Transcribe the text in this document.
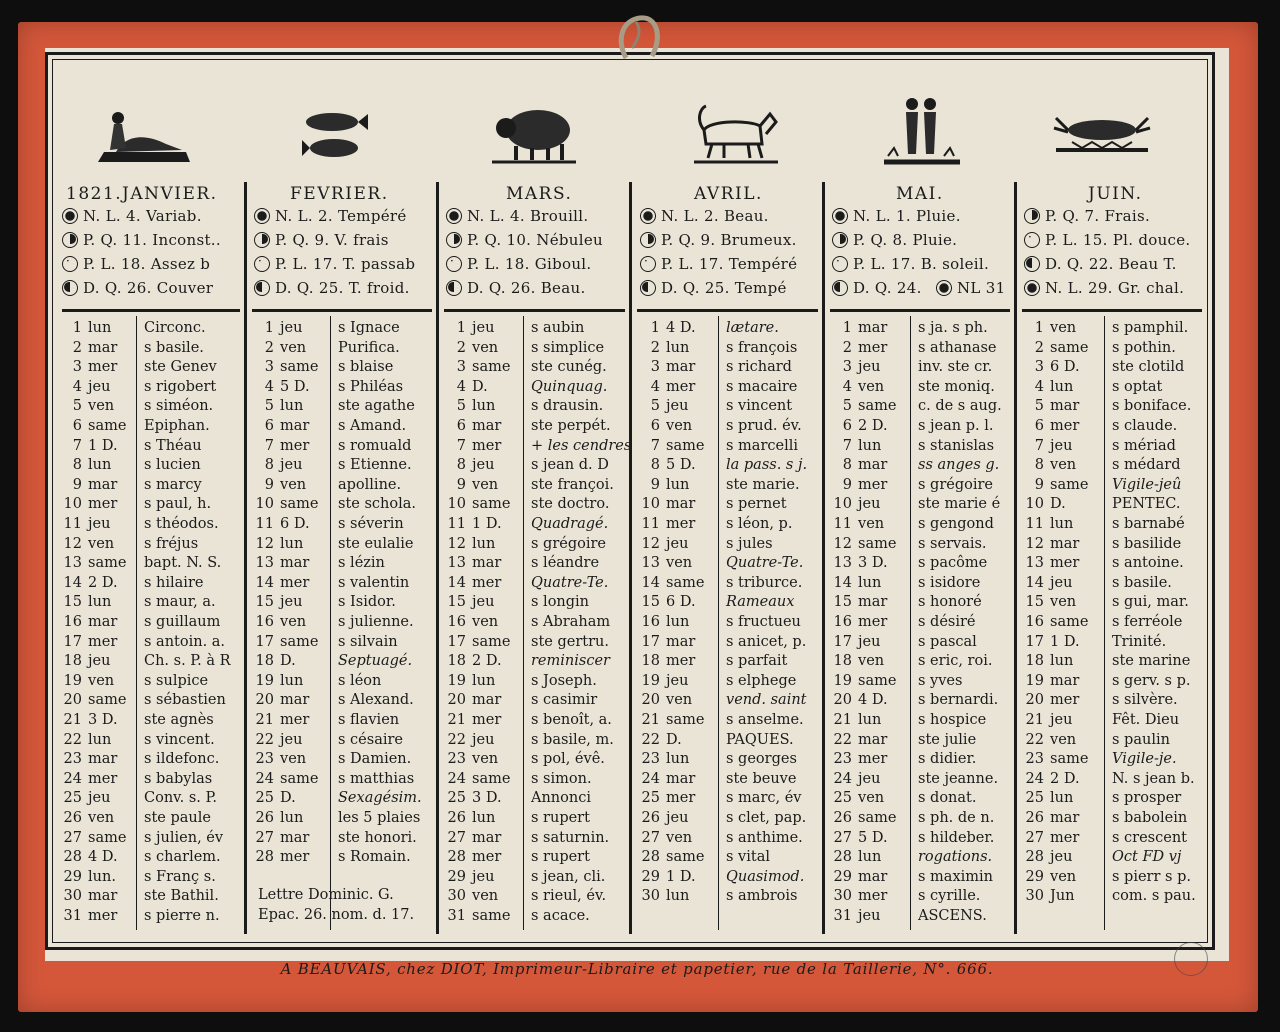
1821. JANVIER.	FEVRIER.	MARS.	AVRIL.	MAI.	JUIN.
N. L. 4. Variab.
P. Q. 11. Inconst..
·P. L. 18. Assez b
D. Q. 26. Couver
1 lun Circonc.
2 mar s basile.
3 mer ste Genev
4 jeu s rigobert
5 ven s siméon.
6 same Epiphan.
7 1 D. s Théau
8 lun s lucien
9 mar s marcy
10 mer s paul, h.
11 jeu s théodos.
12 ven s fréjus
13 same bapt. N. S.
14 2 D. s hilaire
15 lun s maur, a.
16 mar s guillaum
17 mer s antoin. a.
18 jeu Ch. s. P. à R
19 ven s sulpice
20 same s sébastien
21 3 D. ste agnès
22 lun s vincent.
23 mar s ildefonc.
24 mer s babylas
25 jeu Conv. s. P.
26 ven ste paule
27 same s julien, év
28 4 D. s charlem.
29 lun. s Franç s.
30 mar ste Bathil.
31 mer s pierre n.
N. L. 2. Tempéré
P. Q. 9. V. frais
·P. L. 17. T. passab
D. Q. 25. T. froid.
1 jeu s Ignace
2 ven Purifica.
3 same s blaise
4 5 D. s Philéas
5 lun ste agathe
6 mar s Amand.
7 mer s romuald
8 jeu s Etienne.
9 ven apolline.
10 same ste schola.
11 6 D. s séverin
12 lun ste eulalie
13 mar s lézin
14 mer s valentin
15 jeu s Isidor.
16 ven s julienne.
17 same s silvain
18 D.	Septuagé.
19 lun s léon
20 mar s Alexand.
21 mer s flavien
22 jeu s césaire
23 ven s Damien.
24 same s matthias
25 D.	Sexagésim.
26 lun les 5 plaies
27 mar ste honori.
28 mer s Romain.
Lettre Dominic. G.
Epac. 26. nom. d. 17.
N. L. 4. Brouill.
P. Q. 10. Nébuleu
·P. L. 18. Giboul.
D. Q. 26. Beau.
1 jeu	s aubin
2 ven s simplice
3 same ste cunég.
4 D.	Quinquag.
5 lun s drausin.
6 mar ste perpét.
7 mer + les cendres
8 jeu	s jean d. D
9 ven ste françoi.
10 same ste doctro.
11 1 D. Quadragé.
12 lun s grégoire
13 mar s léandre
14 mer Quatre-Te.
15 jeu	s longin
16 ven s Abraham
17 same ste gertru.
18 2 D. reminiscer
19 lun s Joseph.
20 mar s casimir
21 mer s benoît, a.
22 jeu	s basile, m.
23 ven s pol, évê.
24 same s simon.
25 3 D. Annonci
26 lun s rupert
27 mar s saturnin.
28 mer s rupert
29 jeu	s jean, cli.
30 ven s rieul, év.
31 same s acace.
N. L. 2. Beau.
P. Q. 9. Brumeux.
·P. L. 17. Tempéré
D. Q. 25. Tempé
1 4 D. lætare.
2 lun	s françois
3 mar s richard
4 mer s macaire
5 jeu	s vincent
6 ven s prud. év.
7 same s marcelli
8 5 D. la pass. s j.
9 lun	ste marie.
10 mar s pernet
11 mer s léon, p.
12 jeu	s jules
13 ven Quatre-Te.
14 same s triburce.
15 6 D. Rameaux
16 lun	s fructueu
17 mar s anicet, p.
18 mer s parfait
19 jeu	s elphege
20 ven vend. saint
21 same s anselme.
22 D.	PAQUES.
23 lun	s georges
24 mar ste beuve
25 mer s marc, év
26 jeu	s clet, pap.
27 ven s anthime.
28 same s vital
29 1 D. Quasimod.
30 lun	s ambrois
N. L. 1. Pluie.
P. Q. 8. Pluie.
·P. L. 17. B. soleil.
D. Q. 24.	NL 31
1 mar s ja. s ph.
2 mer s athanase
3 jeu	inv. ste cr.
4 ven ste moniq.
5 same c. de s aug.
6 2 D. s jean p. l.
7 lun	s stanislas
8 mar ss anges g.
9 mer s grégoire
10 jeu	ste marie é
11 ven s gengond
12 same s servais.
13 3 D. s pacôme
14 lun	s isidore
15 mar s honoré
16 mer s désiré
17 jeu	s pascal
18 ven s eric, roi.
19 same s yves
20 4 D. s bernardi.
21 lun	s hospice
22 mar ste julie
23 mer s didier.
24 jeu	ste jeanne.
25 ven s donat.
26 same s ph. de n.
27 5 D. s hildeber.
28 lun	rogations.
29 mar s maximin
30 mer s cyrille.
31 jeu	ASCENS.
P. Q. 7. Frais.
·P. L. 15. Pl. douce.
D. Q. 22. Beau T.
N. L. 29. Gr. chal.
1 ven s pamphil.
2 same s pothin.
3 6 D. ste clotild
4 lun	s optat
5 mar s boniface.
6 mer s claude.
7 jeu	s mériad
8 ven s médard
9 same Vigile-jeû
10 D.	PENTEC.
11 lun	s barnabé
12 mar s basilide
13 mer s antoine.
14 jeu	s basile.
15 ven s gui, mar.
16 same s ferréole
17 1 D. Trinité.
18 lun	ste marine
19 mar s gerv. s p.
20 mer s silvère.
21 jeu	Fêt. Dieu
22 ven s paulin
23 same Vigile-je.
24 2 D. N. s jean b.
25 lun	s prosper
26 mar s babolein
27 mer s crescent
28 jeu	Oct FD vj
29 ven s pierr s p.
30 Jun	com. s pau.
A BEAUVAIS, chez DIOT, Imprimeur-Libraire et papetier, rue de la Taillerie, N°. 666.
